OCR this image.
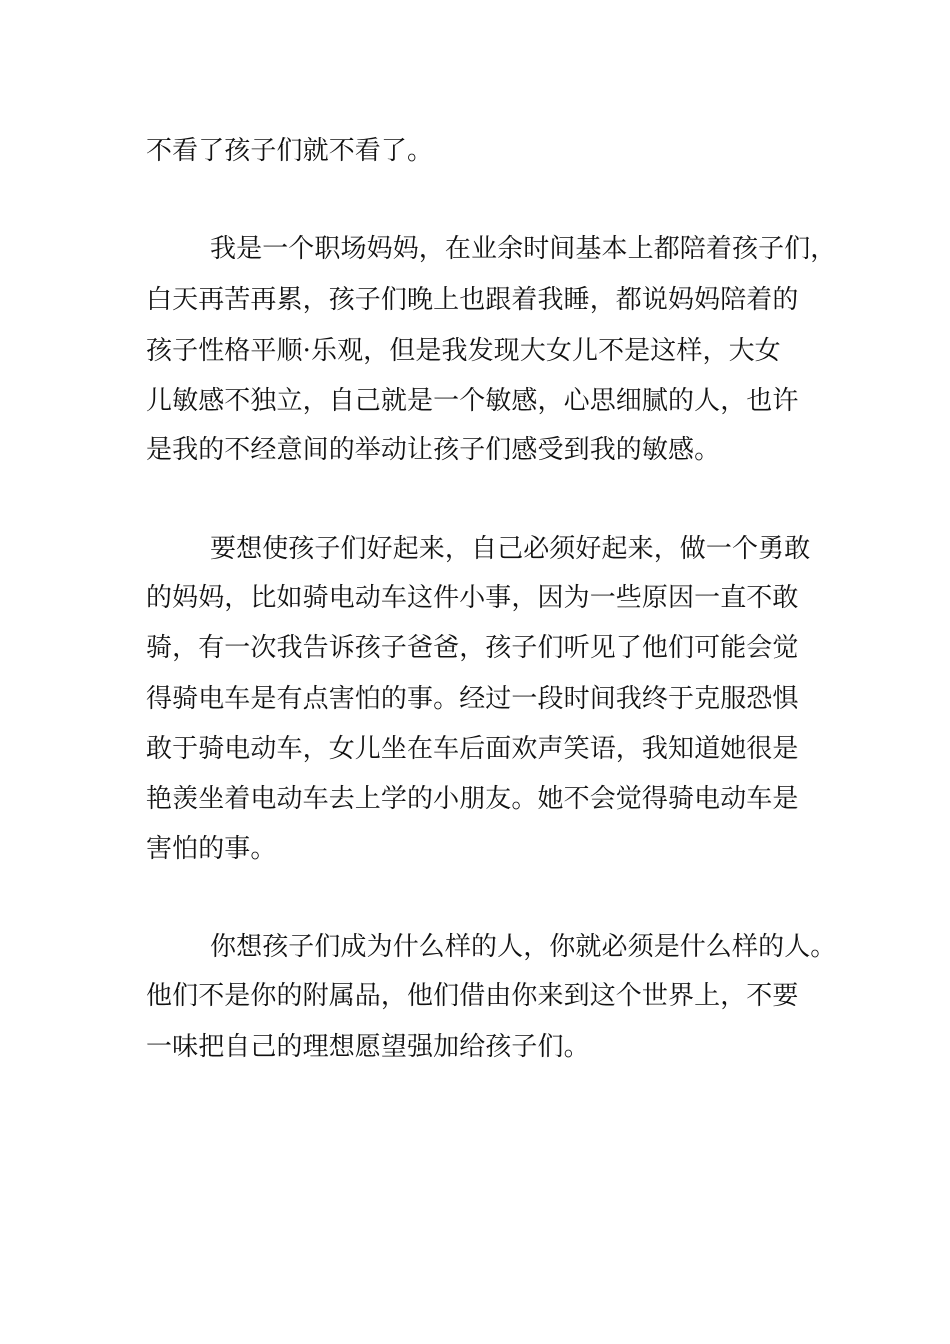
不看了孩子们就不看了。

我是一个职场妈妈，在业余时间基本上都陪着孩子们，

白天再苦再累，孩子们晚上也跟着我睡，都说妈妈陪着的

孩子性格平顺·乐观，但是我发现大女儿不是这样，大女

儿敏感不独立，自己就是一个敏感，心思细腻的人，也许

是我的不经意间的举动让孩子们感受到我的敏感。

要想使孩子们好起来，自己必须好起来，做一个勇敢

的妈妈，比如骑电动车这件小事，因为一些原因一直不敢

骑，有一次我告诉孩子爸爸，孩子们听见了他们可能会觉

得骑电车是有点害怕的事。经过一段时间我终于克服恐惧

敢于骑电动车，女儿坐在车后面欢声笑语，我知道她很是

艳羡坐着电动车去上学的小朋友。她不会觉得骑电动车是

害怕的事。

你想孩子们成为什么样的人，你就必须是什么样的人。

他们不是你的附属品，他们借由你来到这个世界上，不要

一味把自己的理想愿望强加给孩子们。
